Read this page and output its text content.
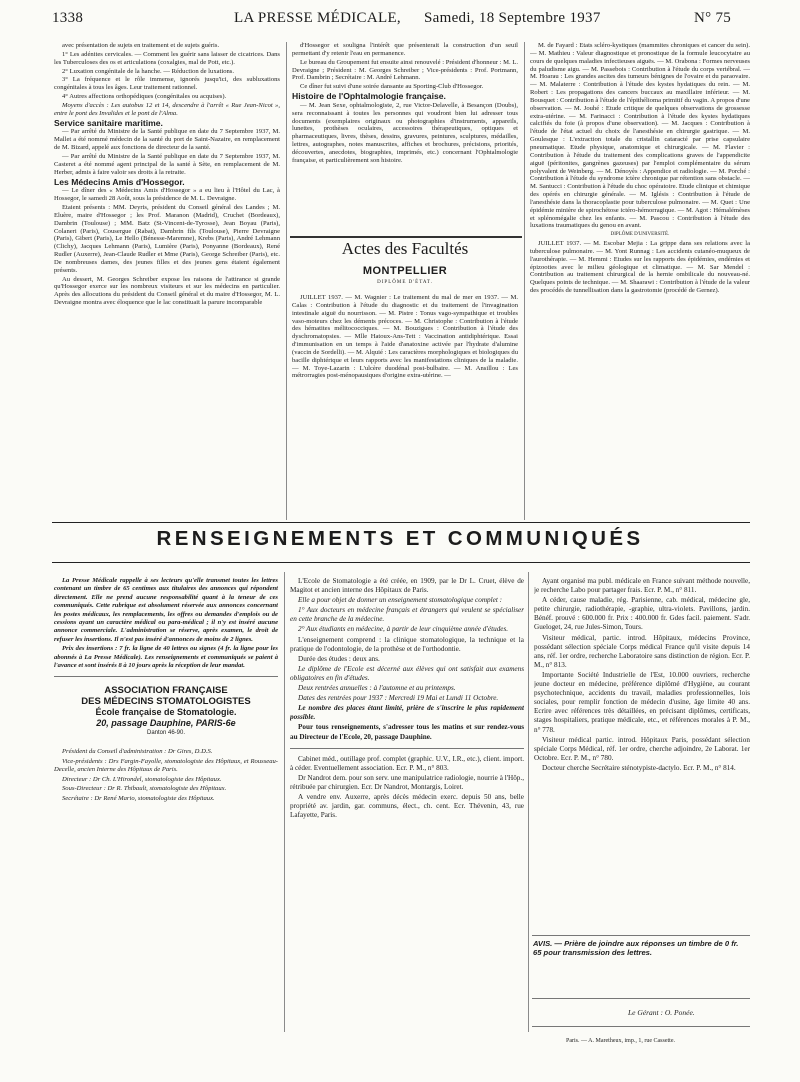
1338	LA PRESSE MÉDICALE, Samedi, 18 Septembre 1937	N° 75

avec présentation de sujets en traitement et de sujets guéris.

1° Les adénites cervicales. — Comment les guérir sans laisser de cicatrices. Dans les Tuberculoses des os et articulations (coxalgies, mal de Pott, etc.).

2° Luxation congénitale de la hanche. — Réduction de luxations.

3° La fréquence et le rôle immense, ignorés jusqu'ici, des subluxations congénitales à tous les âges. Leur traitement rationnel.

4° Autres affections orthopédiques (congénitales ou acquises).

Moyens d'accès : Les autobus 12 et 14, descendre à l'arrêt « Rue Jean-Nicot », entre le pont des Invalides et le pont de l'Alma.

Service sanitaire maritime.

— Par arrêté du Ministre de la Santé publique en date du 7 Septembre 1937, M. Mallet a été nommé médecin de la santé du port de Saint-Nazaire, en remplacement de M. Bizard, appelé aux fonctions de directeur de la santé.

— Par arrêté du Ministre de la Santé publique en date du 7 Septembre 1937, M. Casteret a été nommé agent principal de la santé à Sète, en remplacement de M. Herber, admis à faire valoir ses droits à la retraite.

Les Médecins Amis d'Hossegor.

— Le dîner des « Médecins Amis d'Hossegor » a eu lieu à l'Hôtel du Lac, à Hossegor, le samedi 28 Août, sous la présidence de M. L. Devraigne.

Etaient présents : MM. Deyris, président du Conseil général des Landes ; M. Eluère, maire d'Hossegor ; les Prof. Maranon (Madrid), Cruchet (Bordeaux), Dambrin (Toulouse) ; MM. Batz (St-Vincent-de-Tyrosse), Jean Boyau (Paris), Colaneri (Paris), Cousergue (Rabat), Dambrin fils (Toulouse), Pierre Devraigne (Paris), Gibert (Paris), Le Hello (Bénesse-Maremne), Krebs (Paris), André Lehmann (Clichy), Jacques Lehmann (Paris), Lumière (Paris), Ponyanne (Bordeaux), René Rudler (Auxerre), Jean-Claude Rudler et Mme (Paris), George Schreiber (Paris), etc. De nombreuses dames, des jeunes filles et des jeunes gens étaient également présents.

Au dessert, M. Georges Schreiber expose les raisons de l'attirance si grande qu'Hossegor exerce sur les nombreux visiteurs et sur les médecins en particulier. Après des allocutions du président du Conseil général et du maire d'Hossegor, M. L. Devraigne montra avec éloquence que le lac constituait la parure incomparable

d'Hossegor et souligna l'intérêt que présenterait la construction d'un seuil permettant d'y retenir l'eau en permanence.

Le bureau du Groupement fut ensuite ainsi renouvelé : Président d'honneur : M. L. Devraigne ; Président : M. Georges Schreiber ; Vice-présidents : Prof. Portmann, Prof. Dambrin ; Secrétaire : M. André Lehmann.

Ce dîner fut suivi d'une soirée dansante au Sporting-Club d'Hossegor.

Histoire de l'Ophtalmologie française.

— M. Jean Sexe, ophtalmologiste, 2, rue Victor-Delavelle, à Besançon (Doubs), sera reconnaissant à toutes les personnes qui voudront bien lui adresser tous documents (exemplaires originaux ou photographies d'instruments, appareils, lunettes, prothèses oculaires, accessoires thérapeutiques, optiques et pharmaceutiques, livres, thèses, dessins, gravures, peintures, sculptures, médailles, lettres, autographes, notes manuscrites, affiches et brochures, précisions, priorités, découvertes, anecdotes, biographies, imprimés, etc.) concernant l'Ophtalmologie française, et particulièrement son histoire.

Actes des Facultés
MONTPELLIER
DIPLÔME D'ÉTAT.

JUILLET 1937. — M. Wagnier : Le traitement du mal de mer en 1937. — M. Calas : Contribution à l'étude du diagnostic et du traitement de l'invagination intestinale aiguë du nourrisson. — M. Pistre : Tonus vago-sympathique et troubles vaso-moteurs chez les déments précoces. — M. Christophe : Contribution à l'étude des hématites mélitococciques. — M. Bouzigues : Contribution à l'étude des dyschromatopsies. — Mlle Hatoux-Ans-Tett : Vaccination antidiphtérique. Essai d'immunisation en un temps à l'aide d'anatoxine activée par l'hydrate d'alumine (vaccin de Sordelli). — M. Alquié : Les caractères morphologiques et biologiques du bacille diphtérique et leurs rapports avec les manifestations cliniques de la maladie. — M. Toye-Lazarin : L'ulcère duodénal post-bulbaire. — M. Ansillou : Les métrorragies post-ménopausiques d'origine extra-utérine. —

M. de Fayard : Etats scléro-kystiques (mammites chroniques et cancer du sein). — M. Mathieu : Valeur diagnostique et pronostique de la formule leucocytaire au cours de quelques maladies infectieuses aiguës. — M. Orabona : Formes nerveuses du paludisme aigu. — M. Passebois : Contribution à l'étude du corps vertébral. — M. Hoarau : Les grandes ascites des tumeurs bénignes de l'ovaire et du paraovaire. — M. Malaterre : Contribution à l'étude des kystes hydatiques du rein. — M. Robert : Les propagations des cancers buccaux au maxillaire inférieur. — M. Bousquet : Contribution à l'étude de l'épithélioma primitif du vagin. A propos d'une observation. — M. Jouhé : Etude critique de quelques observations de grossesse extra-utérine. — M. Farinacci : Contribution à l'étude des kystes hydatiques calcifiés du foie (à propos d'une observation). — M. Jacques : Contribution à l'étude de l'état actuel du choix de l'anesthésie en chirurgie gastrique. — M. Goulesque : L'extraction totale du cristallin cataracté par prise capsulaire pneumatique. Etude physique, anatomique et chirurgicale. — M. Flavier : Contribution à l'étude du traitement des complications graves de l'appendicite aiguë (péritonites, gangrènes gazeuses) par l'emploi complémentaire du sérum polyvalent de Weinberg. — M. Dénoyès : Appendice et radiologie. — M. Porché : Contribution à l'étude du syndrome ictère chronique par rétention sans obstacle. — M. Santucci : Contribution à l'étude du choc opératoire. Etude clinique et chimique des opérés en chirurgie générale. — M. Iglésis : Contribution à l'étude de l'anesthésie dans la thoracoplastie pour tuberculose pulmonaire. — M. Quet : Une épidémie minière de spirochétose ictéro-hémorragique. — M. Agot : Hémalémèses et splénomégalie chez les enfants. — M. Pascou : Contribution à l'étude des luxations traumatiques du genou en avant.

DIPLÔME D'UNIVERSITÉ.

JUILLET 1937. — M. Escobar Mejia : La grippe dans ses relations avec la tuberculose pulmonaire. — M. Yont Runnag : Les accidents cutanéo-muqueux de l'aurothérapie. — M. Hemmi : Etudes sur les rapports des épidémies, endémies et épizooties avec le milieu géologique et climatique. — M. Sar Mendel : Contribution au traitement chirurgical de la hernie ombilicale du nouveau-né. Quelques points de technique. — M. Shaarawi : Contribution à l'étude de la valeur des procédés de tunnellisation dans la gastrotomie (procédé de Gernez).

RENSEIGNEMENTS ET COMMUNIQUÉS

La Presse Médicale rappelle à ses lecteurs qu'elle transmet toutes les lettres contenant un timbre de 65 centimes aux titulaires des annonces qui répondent directement. Elle ne prend aucune responsabilité quant à la teneur de ces communiqués. Cette rubrique est absolument réservée aux annonces concernant les postes médicaux, les remplacements, les offres ou demandes d'emplois ou de cessions ayant un caractère médical ou para-médical ; il n'y est inséré aucune annonce commerciale. L'administration se réserve, après examen, le droit de refuser les insertions. Il n'est pas inséré d'annonces de moins de 2 lignes.

Prix des insertions : 7 fr. la ligne de 40 lettres ou signes (4 fr. la ligne pour les abonnés à La Presse Médicale). Les renseignements et communiqués se paient à l'avance et sont insérés 8 à 10 jours après la réception de leur mandat.

ASSOCIATION FRANÇAISE
DES MÉDECINS STOMATOLOGISTES
École française de Stomatologie.
20, passage Dauphine, PARIS-6e
Danton 46-90.

Président du Conseil d'administration : Dr Gires, D.D.S.

Vice-présidents : Drs Fargin-Fayolle, stomatologiste des Hôpitaux, et Rousseau-Decelle, ancien Interne des Hôpitaux de Paris.

Directeur : Dr Ch. L'Hirondel, stomatologiste des Hôpitaux.

Sous-Directeur : Dr R. Thibault, stomatologiste des Hôpitaux.

Secrétaire : Dr René Mario, stomatologiste des Hôpitaux.

L'Ecole de Stomatologie a été créée, en 1909, par le Dr L. Cruet, élève de Magitot et ancien interne des Hôpitaux de Paris.

Elle a pour objet de donner un enseignement stomatologique complet :

1° Aux docteurs en médecine français et étrangers qui veulent se spécialiser en cette branche de la médecine.

2° Aux étudiants en médecine, à partir de leur cinquième année d'études.

L'enseignement comprend : la clinique stomatologique, la technique et la pratique de l'odontologie, de la prothèse et de l'orthodontie.

Durée des études : deux ans.

Le diplôme de l'Ecole est décerné aux élèves qui ont satisfait aux examens obligatoires en fin d'études.

Deux rentrées annuelles : à l'automne et au printemps.

Dates des rentrées pour 1937 : Mercredi 19 Mai et Lundi 11 Octobre.

Le nombre des places étant limité, prière de s'inscrire le plus rapidement possible.

Pour tous renseignements, s'adresser tous les matins et sur rendez-vous au Directeur de l'Ecole, 20, passage Dauphine.

Cabinet méd., outillage prof. complet (graphic. U.V., I.R., etc.), client. import. à céder. Eventuellement association. Ecr. P. M., n° 803.

Dr Nandrot dem. pour son serv. une manipulatrice radiologie, nourrie à l'Hôp., rétribuée par chirurgien. Ecr. Dr Nandrot, Montargis, Loiret.

A vendre env. Auxerre, après décès médecin exerc. depuis 50 ans, belle propriété av. jardin, gar. communs, élect., ch. cent. Ecr. Thévenin, 43, rue Lafayette, Paris.

Ayant organisé ma publ. médicale en France suivant méthode nouvelle, je recherche Labo pour partager frais. Ecr. P. M., n° 811.

A céder, cause maladie, rég. Parisienne, cab. médical, médecine gle, petite chirurgie, radiothérapie, -graphie, ultra-violets. Pavillons, jardin. Bénéf. prouvé : 600.000 fr. Prix : 400.000 fr. Gdes facil. paiement. S'adr. Gueloget, 24, rue Jules-Simon, Tours.

Visiteur médical, partic. introd. Hôpitaux, médecins Province, possédant sélection spéciale Corps médical France qu'il visite depuis 14 ans, réf. 1er ordre, recherche Laboratoire sans distinction de région. Ecr. P. M., n° 813.

Importante Société Industrielle de l'Est, 10.000 ouvriers, recherche jeune docteur en médecine, préférence diplômé d'Hygiène, au courant psychotechnique, accidents du travail, maladies professionnelles, lois sociales, pour remplir fonction de médecin d'usine, âge limite 40 ans. Ecrire avec références très détaillées, en précisant diplômes, certificats, stages hospitaliers, pratique médicale, etc., et références morales à P. M., n° 778.

Visiteur médical partic. introd. Hôpitaux Paris, possédant sélection spéciale Corps Médical, réf. 1er ordre, cherche adjoindre, 2e Laborat. 1er Octobre. Ecr. P. M., n° 780.

Docteur cherche Secrétaire sténotypiste-dactylo. Ecr. P. M., n° 814.

AVIS. — Prière de joindre aux réponses un timbre de 0 fr. 65 pour transmission des lettres.
Le Gérant : O. Ponée.
Paris. — A. Maretheux, imp., 1, rue Cassette.
